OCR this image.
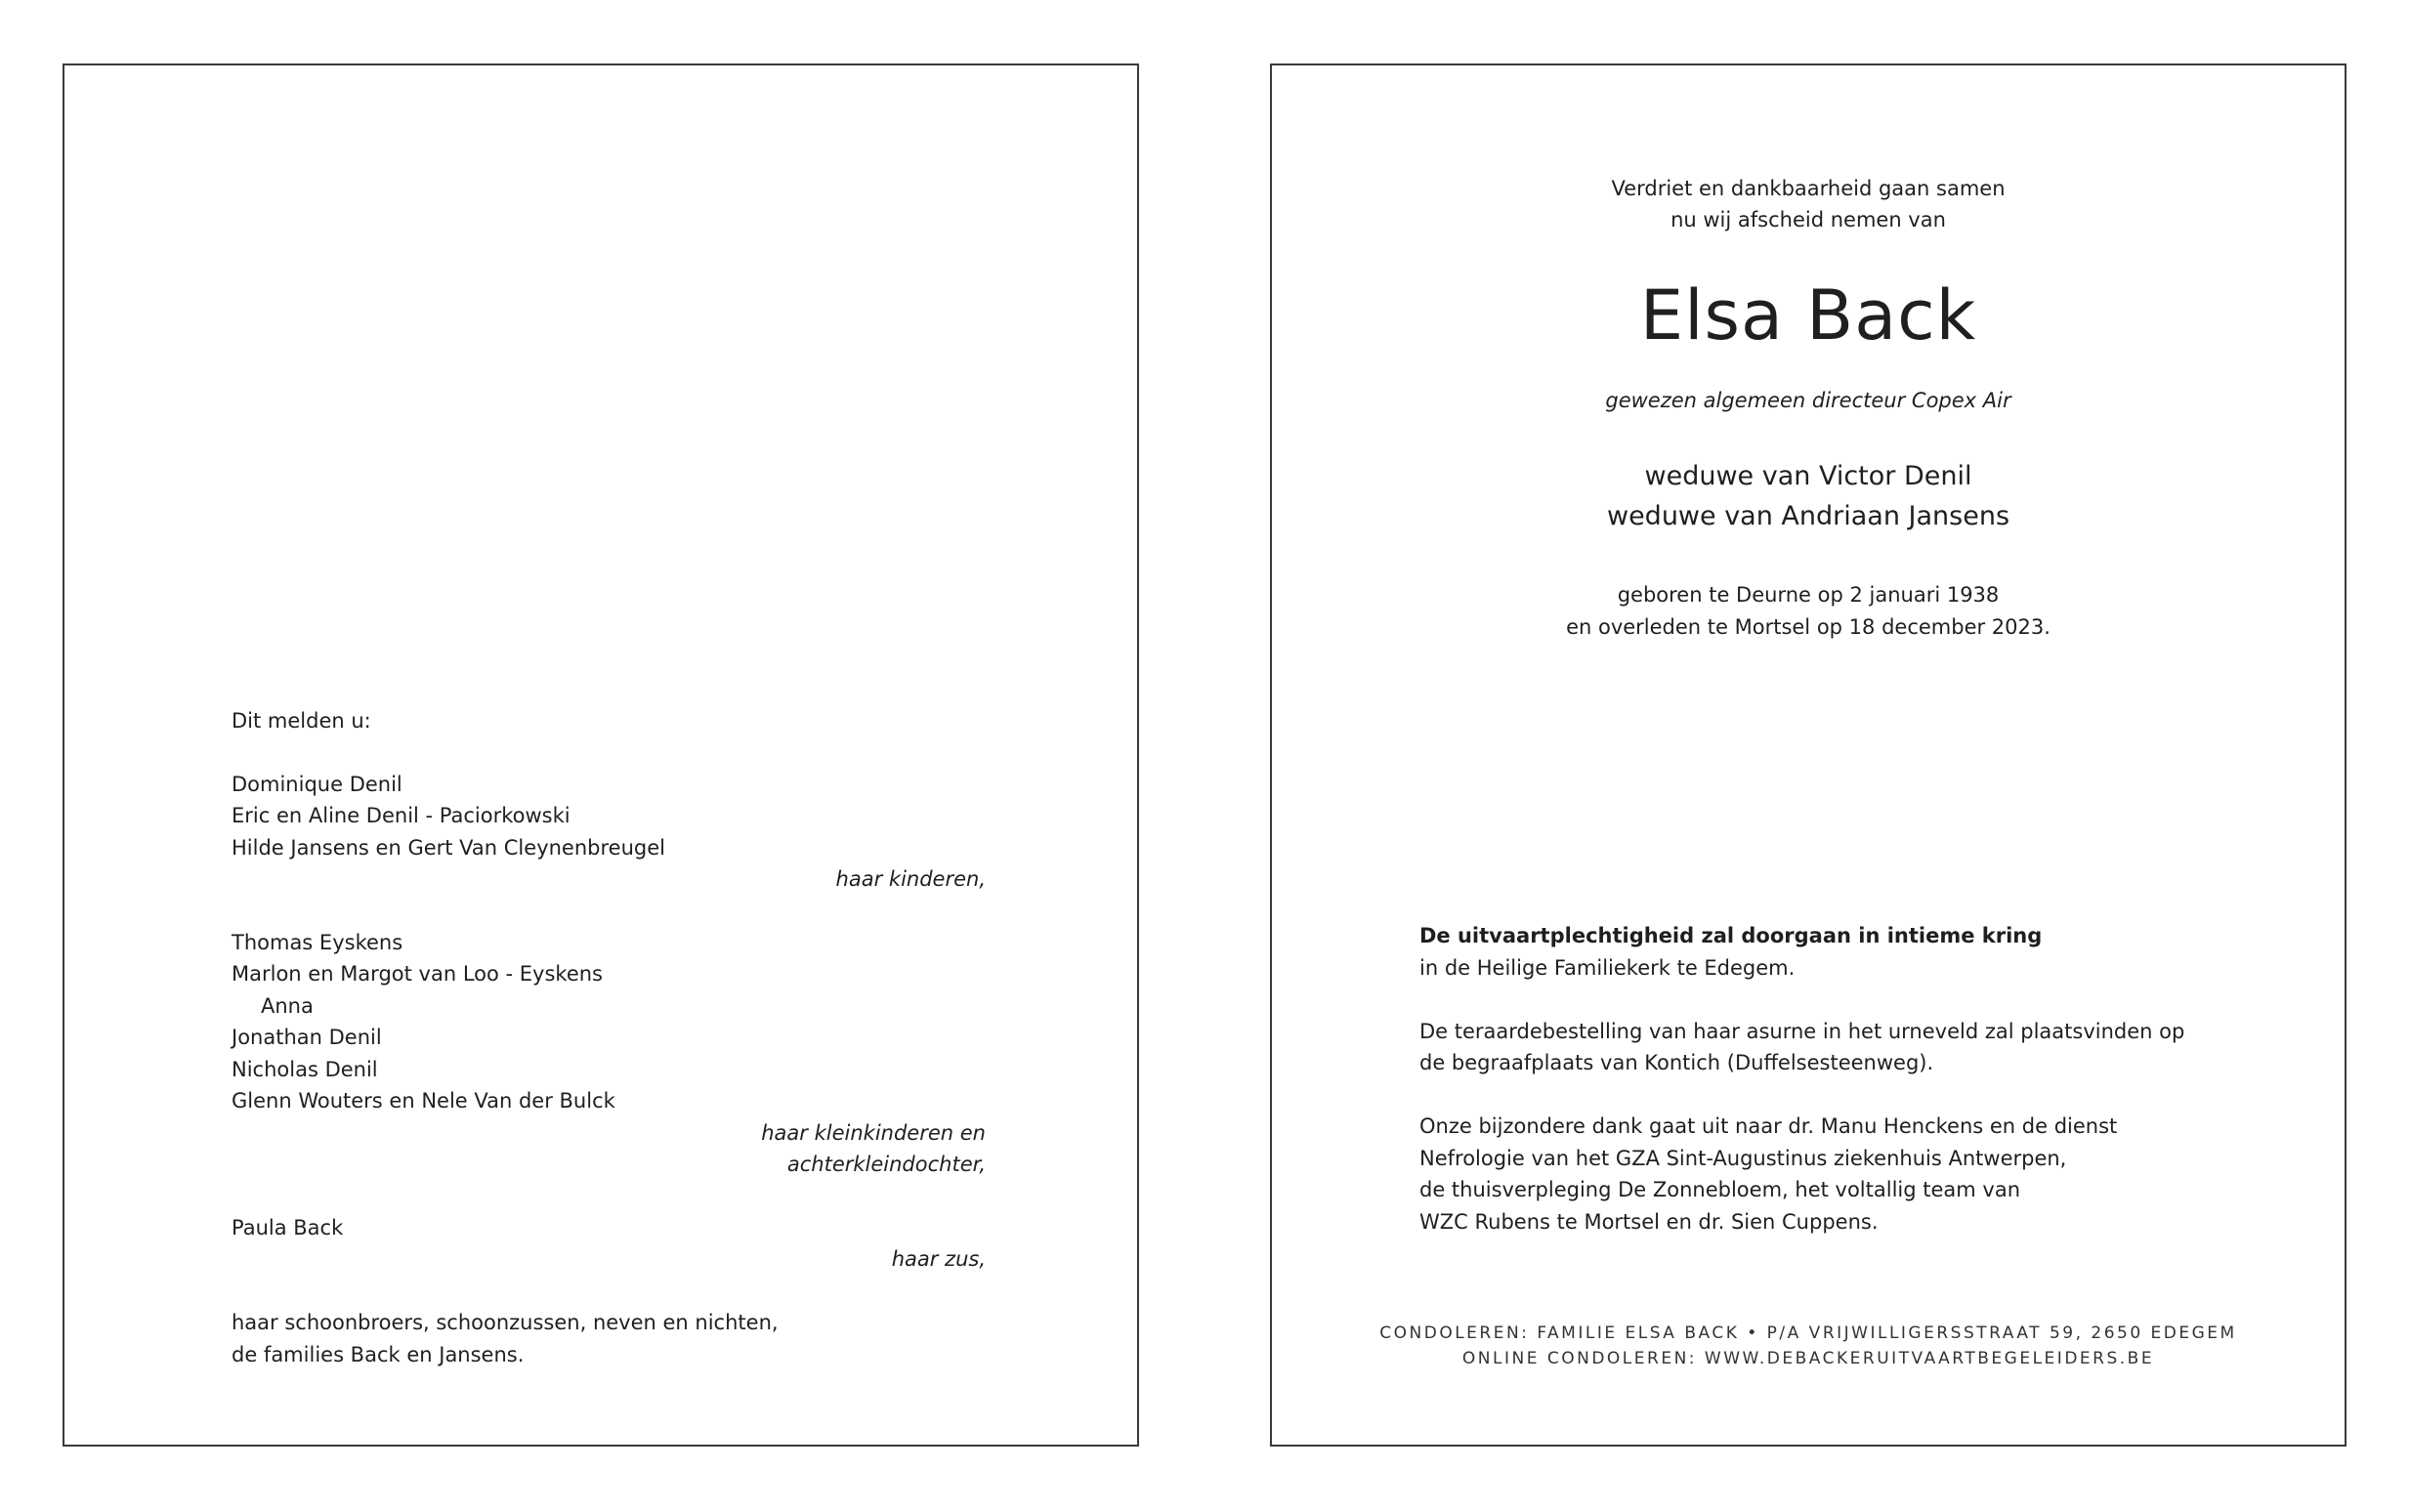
Dit melden u:
Dominique Denil
Eric en Aline Denil - Paciorkowski
Hilde Jansens en Gert Van Cleynenbreugel
haar kinderen,
Thomas Eyskens
Marlon en Margot van Loo - Eyskens
Anna
Jonathan Denil
Nicholas Denil
Glenn Wouters en Nele Van der Bulck
haar kleinkinderen en
achterkleindochter,
Paula Back
haar zus,
haar schoonbroers, schoonzussen, neven en nichten,
de families Back en Jansens.
Verdriet en dankbaarheid gaan samen
nu wij afscheid nemen van
Elsa Back
gewezen algemeen directeur Copex Air
weduwe van Victor Denil
weduwe van Andriaan Jansens
geboren te Deurne op 2 januari 1938
en overleden te Mortsel op 18 december 2023.
De uitvaartplechtigheid zal doorgaan in intieme kring
in de Heilige Familiekerk te Edegem.
De teraardebestelling van haar asurne in het urneveld zal plaatsvinden op
de begraafplaats van Kontich (Duffelsesteenweg).
Onze bijzondere dank gaat uit naar dr. Manu Henckens en de dienst
Nefrologie van het GZA Sint-Augustinus ziekenhuis Antwerpen,
de thuisverpleging De Zonnebloem, het voltallig team van
WZC Rubens te Mortsel en dr. Sien Cuppens.
CONDOLEREN: FAMILIE ELSA BACK • P/A VRIJWILLIGERSSTRAAT 59, 2650 EDEGEM
ONLINE CONDOLEREN: WWW.DEBACKERUITVAARTBEGELEIDERS.BE
